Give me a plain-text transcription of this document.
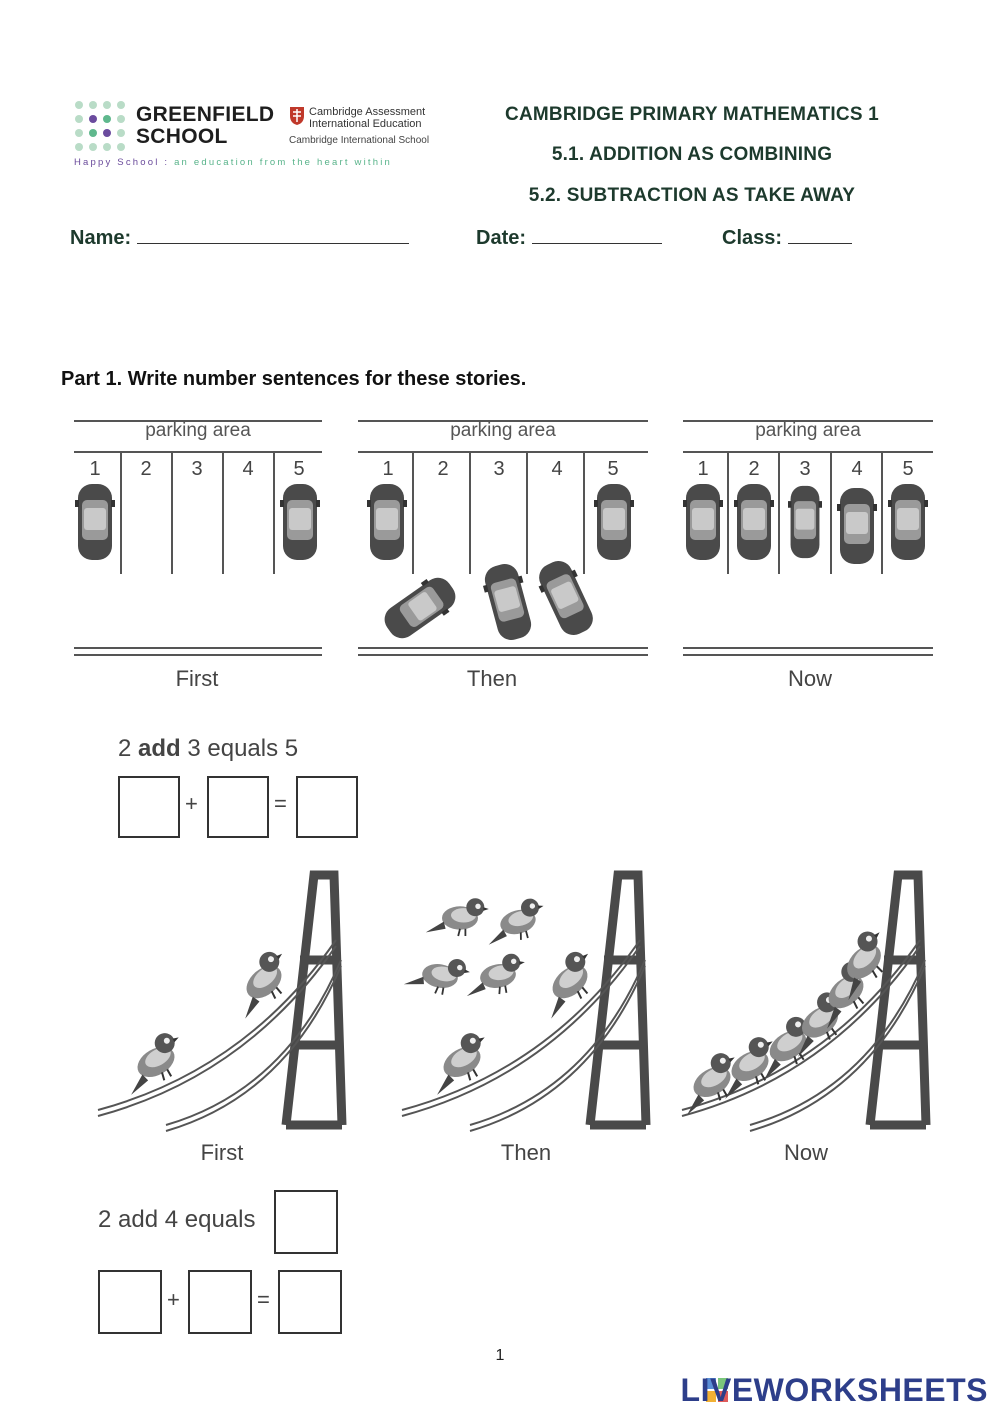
GREENFIELD
SCHOOL
Cambridge Assessment
International Education
Cambridge International School
Happy School : an education from the heart within
CAMBRIDGE PRIMARY MATHEMATICS 1
5.1. ADDITION AS COMBINING
5.2. SUBTRACTION AS TAKE AWAY
Name:	Date:	Class:
Part 1. Write number sentences for these stories.
parking area
1	2	3	4	5
First
parking area
1	2	3	4	5
Then
parking area
1	2	3	4	5
Now
2 add 3 equals 5
+	=
First	Then	Now
2 add 4 equals
+	=
1
LIVEWORKSHEETS
